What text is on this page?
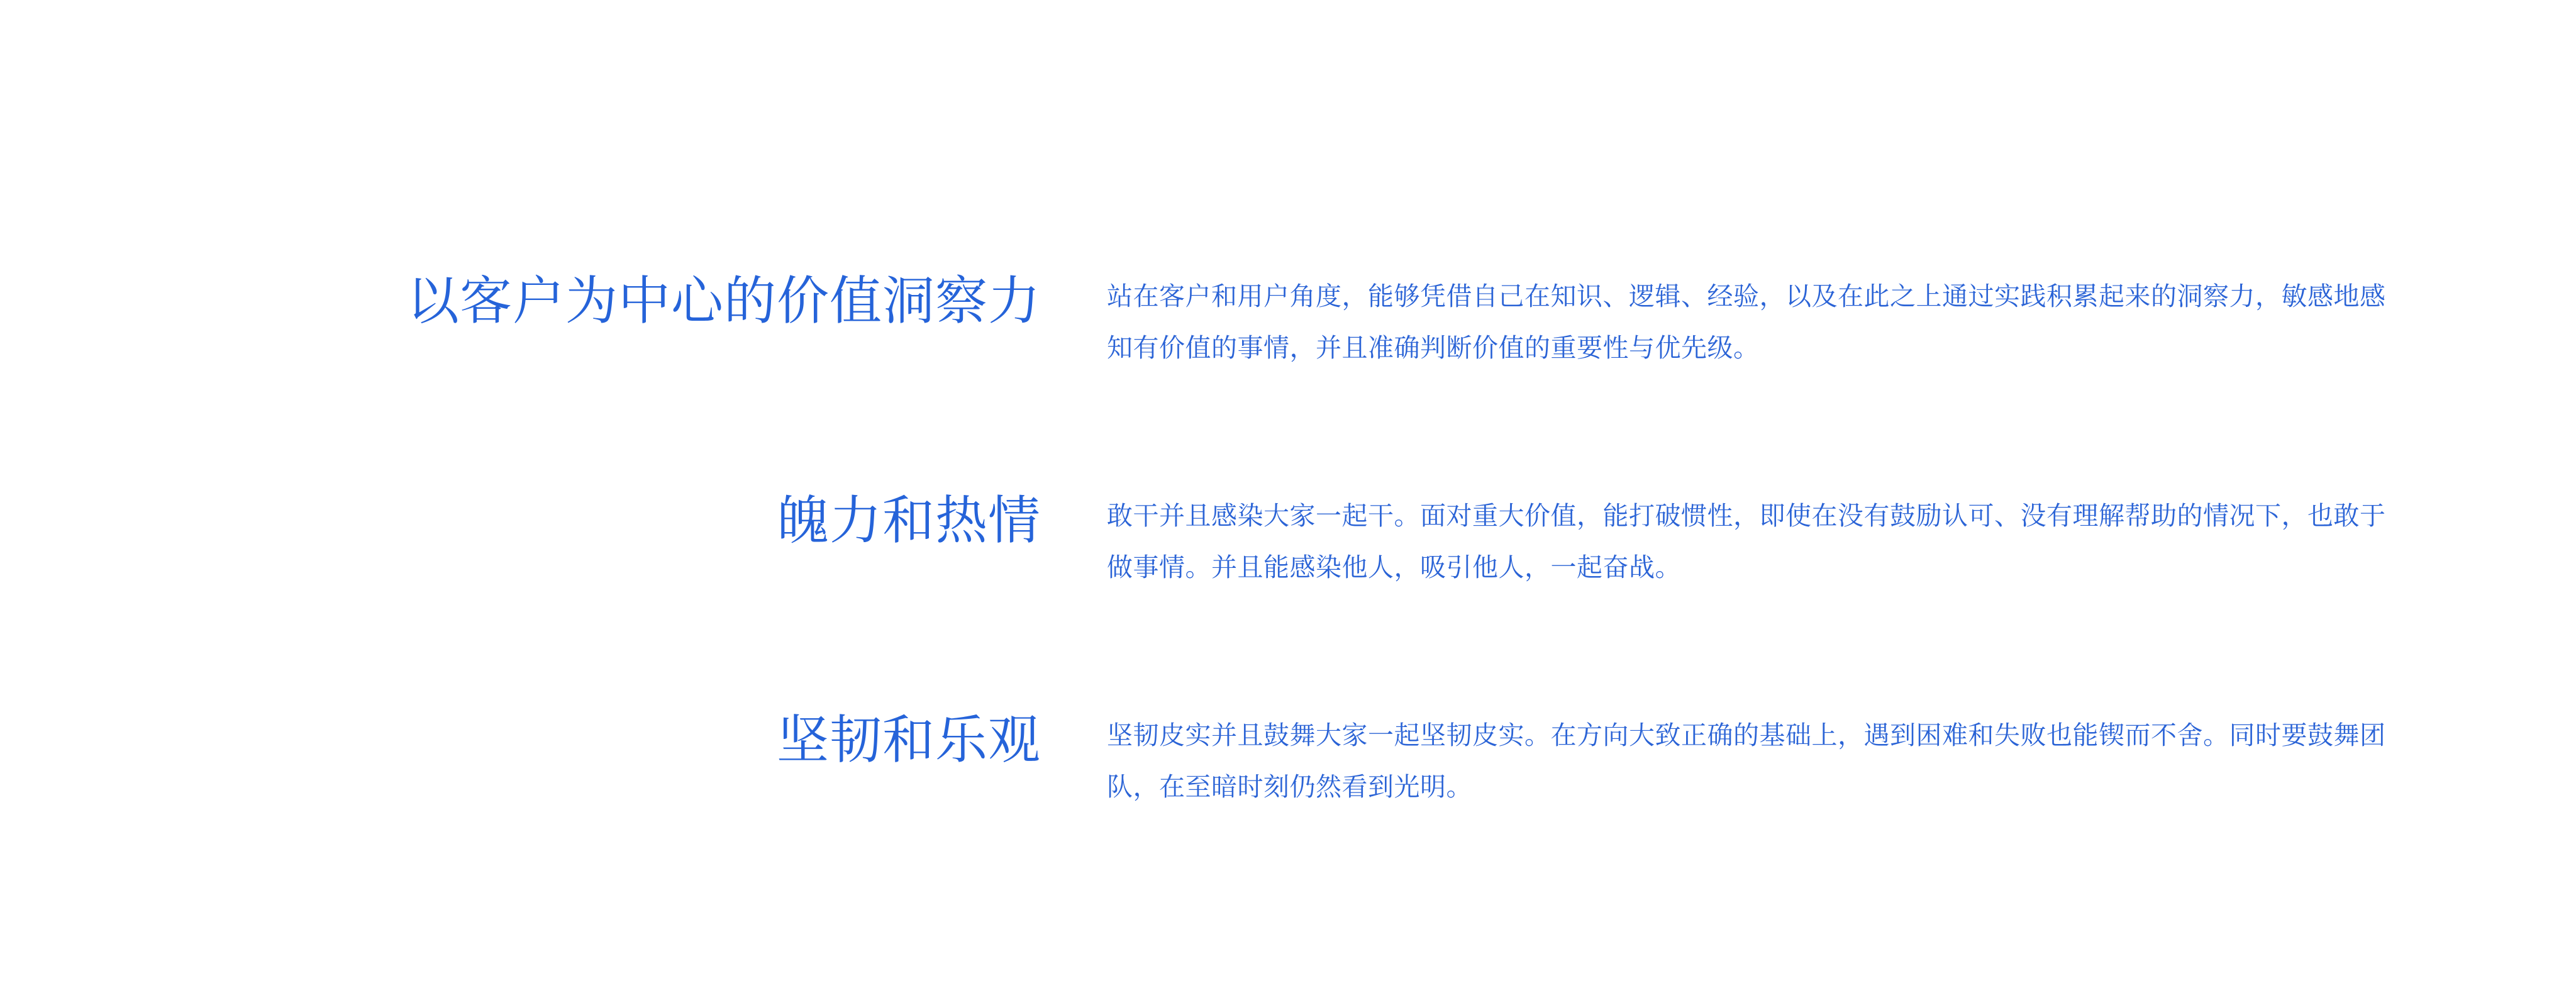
以客户为中心的价值洞察力	站在客户和用户角度，能够凭借自己在知识、逻辑、经验，以及在此之上通过实践积累起来的洞察力，敏感地感知有价值的事情，并且准确判断价值的重要性与优先级。

魄力和热情	敢干并且感染大家一起干。面对重大价值，能打破惯性，即使在没有鼓励认可、没有理解帮助的情况下，也敢于做事情。并且能感染他人，吸引他人，一起奋战。

坚韧和乐观	坚韧皮实并且鼓舞大家一起坚韧皮实。在方向大致正确的基础上，遇到困难和失败也能锲而不舍。同时要鼓舞团队，在至暗时刻仍然看到光明。
